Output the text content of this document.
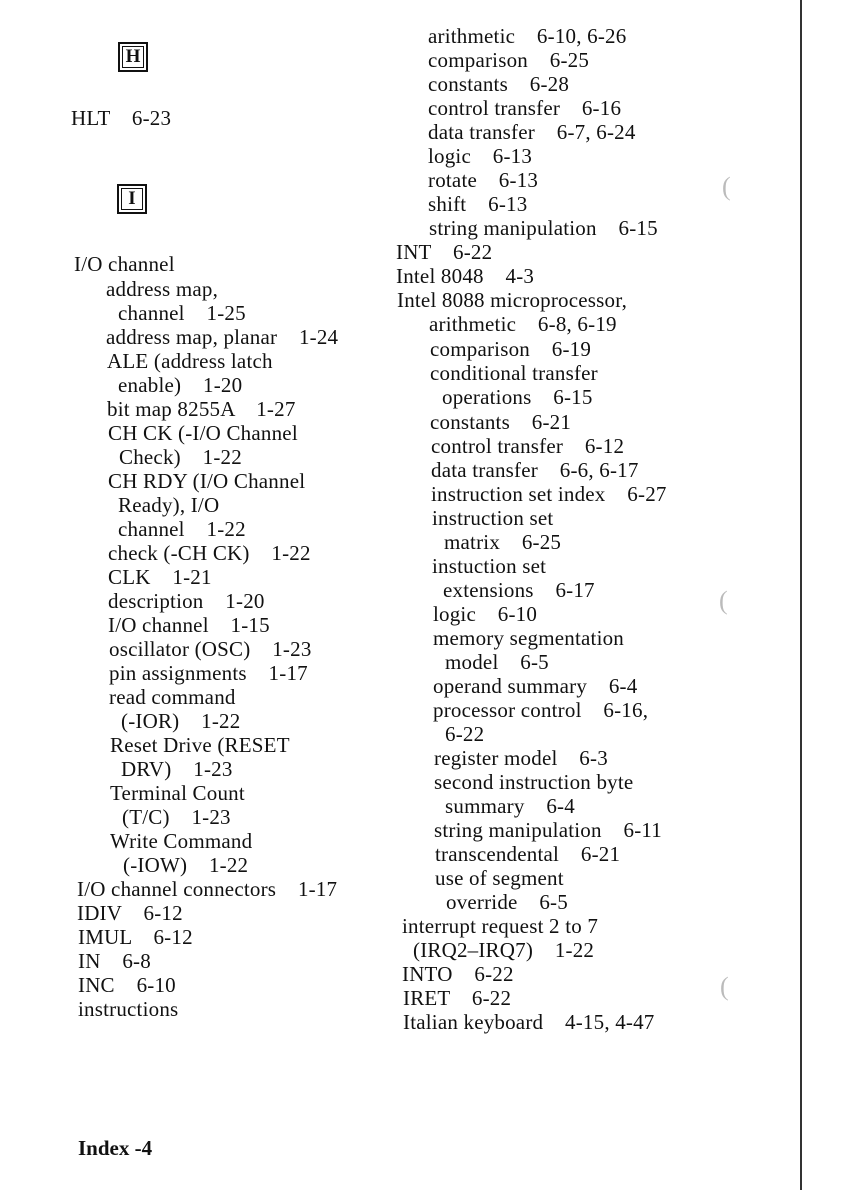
H
HLT    6-23
I
I/O channel
address map,
channel    1-25
address map, planar    1-24
ALE (address latch
enable)    1-20
bit map 8255A    1-27
CH CK (-I/O Channel
Check)    1-22
CH RDY (I/O Channel
Ready), I/O
channel    1-22
check (-CH CK)    1-22
CLK    1-21
description    1-20
I/O channel    1-15
oscillator (OSC)    1-23
pin assignments    1-17
read command
(-IOR)    1-22
Reset Drive (RESET
DRV)    1-23
Terminal Count
(T/C)    1-23
Write Command
(-IOW)    1-22
I/O channel connectors    1-17
IDIV    6-12
IMUL    6-12
IN    6-8
INC    6-10
instructions
arithmetic    6-10, 6-26
comparison    6-25
constants    6-28
control transfer    6-16
data transfer    6-7, 6-24
logic    6-13
rotate    6-13
shift    6-13
string manipulation    6-15
INT    6-22
Intel 8048    4-3
Intel 8088 microprocessor,
arithmetic    6-8, 6-19
comparison    6-19
conditional transfer
operations    6-15
constants    6-21
control transfer    6-12
data transfer    6-6, 6-17
instruction set index    6-27
instruction set
matrix    6-25
instuction set
extensions    6-17
logic    6-10
memory segmentation
model    6-5
operand summary    6-4
processor control    6-16,
6-22
register model    6-3
second instruction byte
summary    6-4
string manipulation    6-11
transcendental    6-21
use of segment
override    6-5
interrupt request 2 to 7
(IRQ2–IRQ7)    1-22
INTO    6-22
IRET    6-22
Italian keyboard    4-15, 4-47
Index -4
(
(
(
